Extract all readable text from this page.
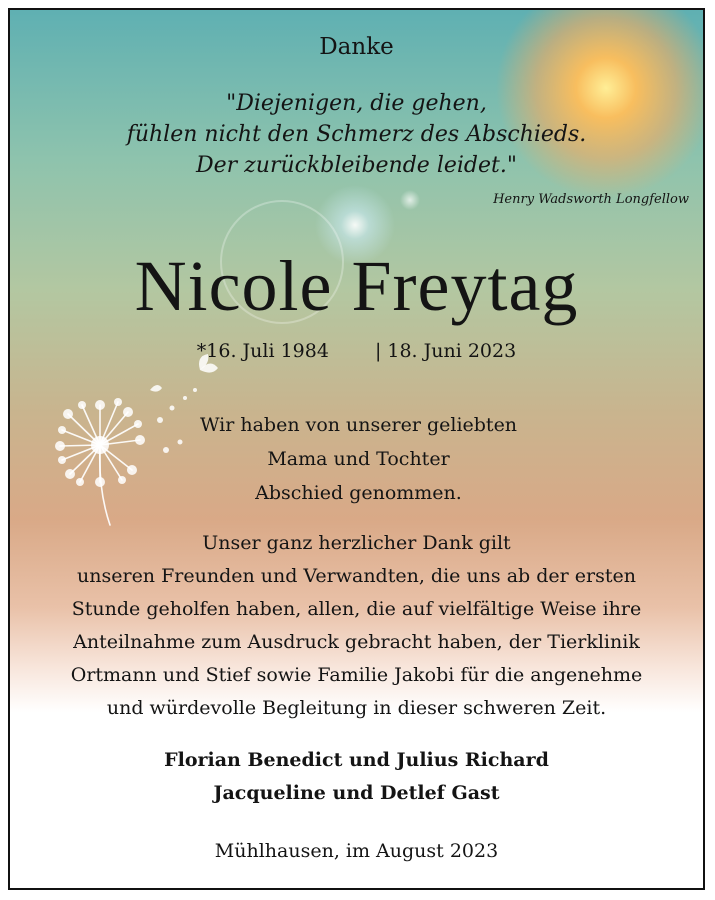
Danke

"Diejenigen, die gehen,
fühlen nicht den Schmerz des Abschieds.
Der zurückbleibende leidet."

Henry Wadsworth Longfellow

Nicole Freytag

*16. Juli 1984 | 18. Juni 2023

Wir haben von unserer geliebten
Mama und Tochter
Abschied genommen.
Unser ganz herzlicher Dank gilt
unseren Freunden und Verwandten, die uns ab der ersten
Stunde geholfen haben, allen, die auf vielfältige Weise ihre
Anteilnahme zum Ausdruck gebracht haben, der Tierklinik
Ortmann und Stief sowie Familie Jakobi für die angenehme
und würdevolle Begleitung in dieser schweren Zeit.
Florian Benedict und Julius Richard
Jacqueline und Detlef Gast

Mühlhausen, im August 2023
